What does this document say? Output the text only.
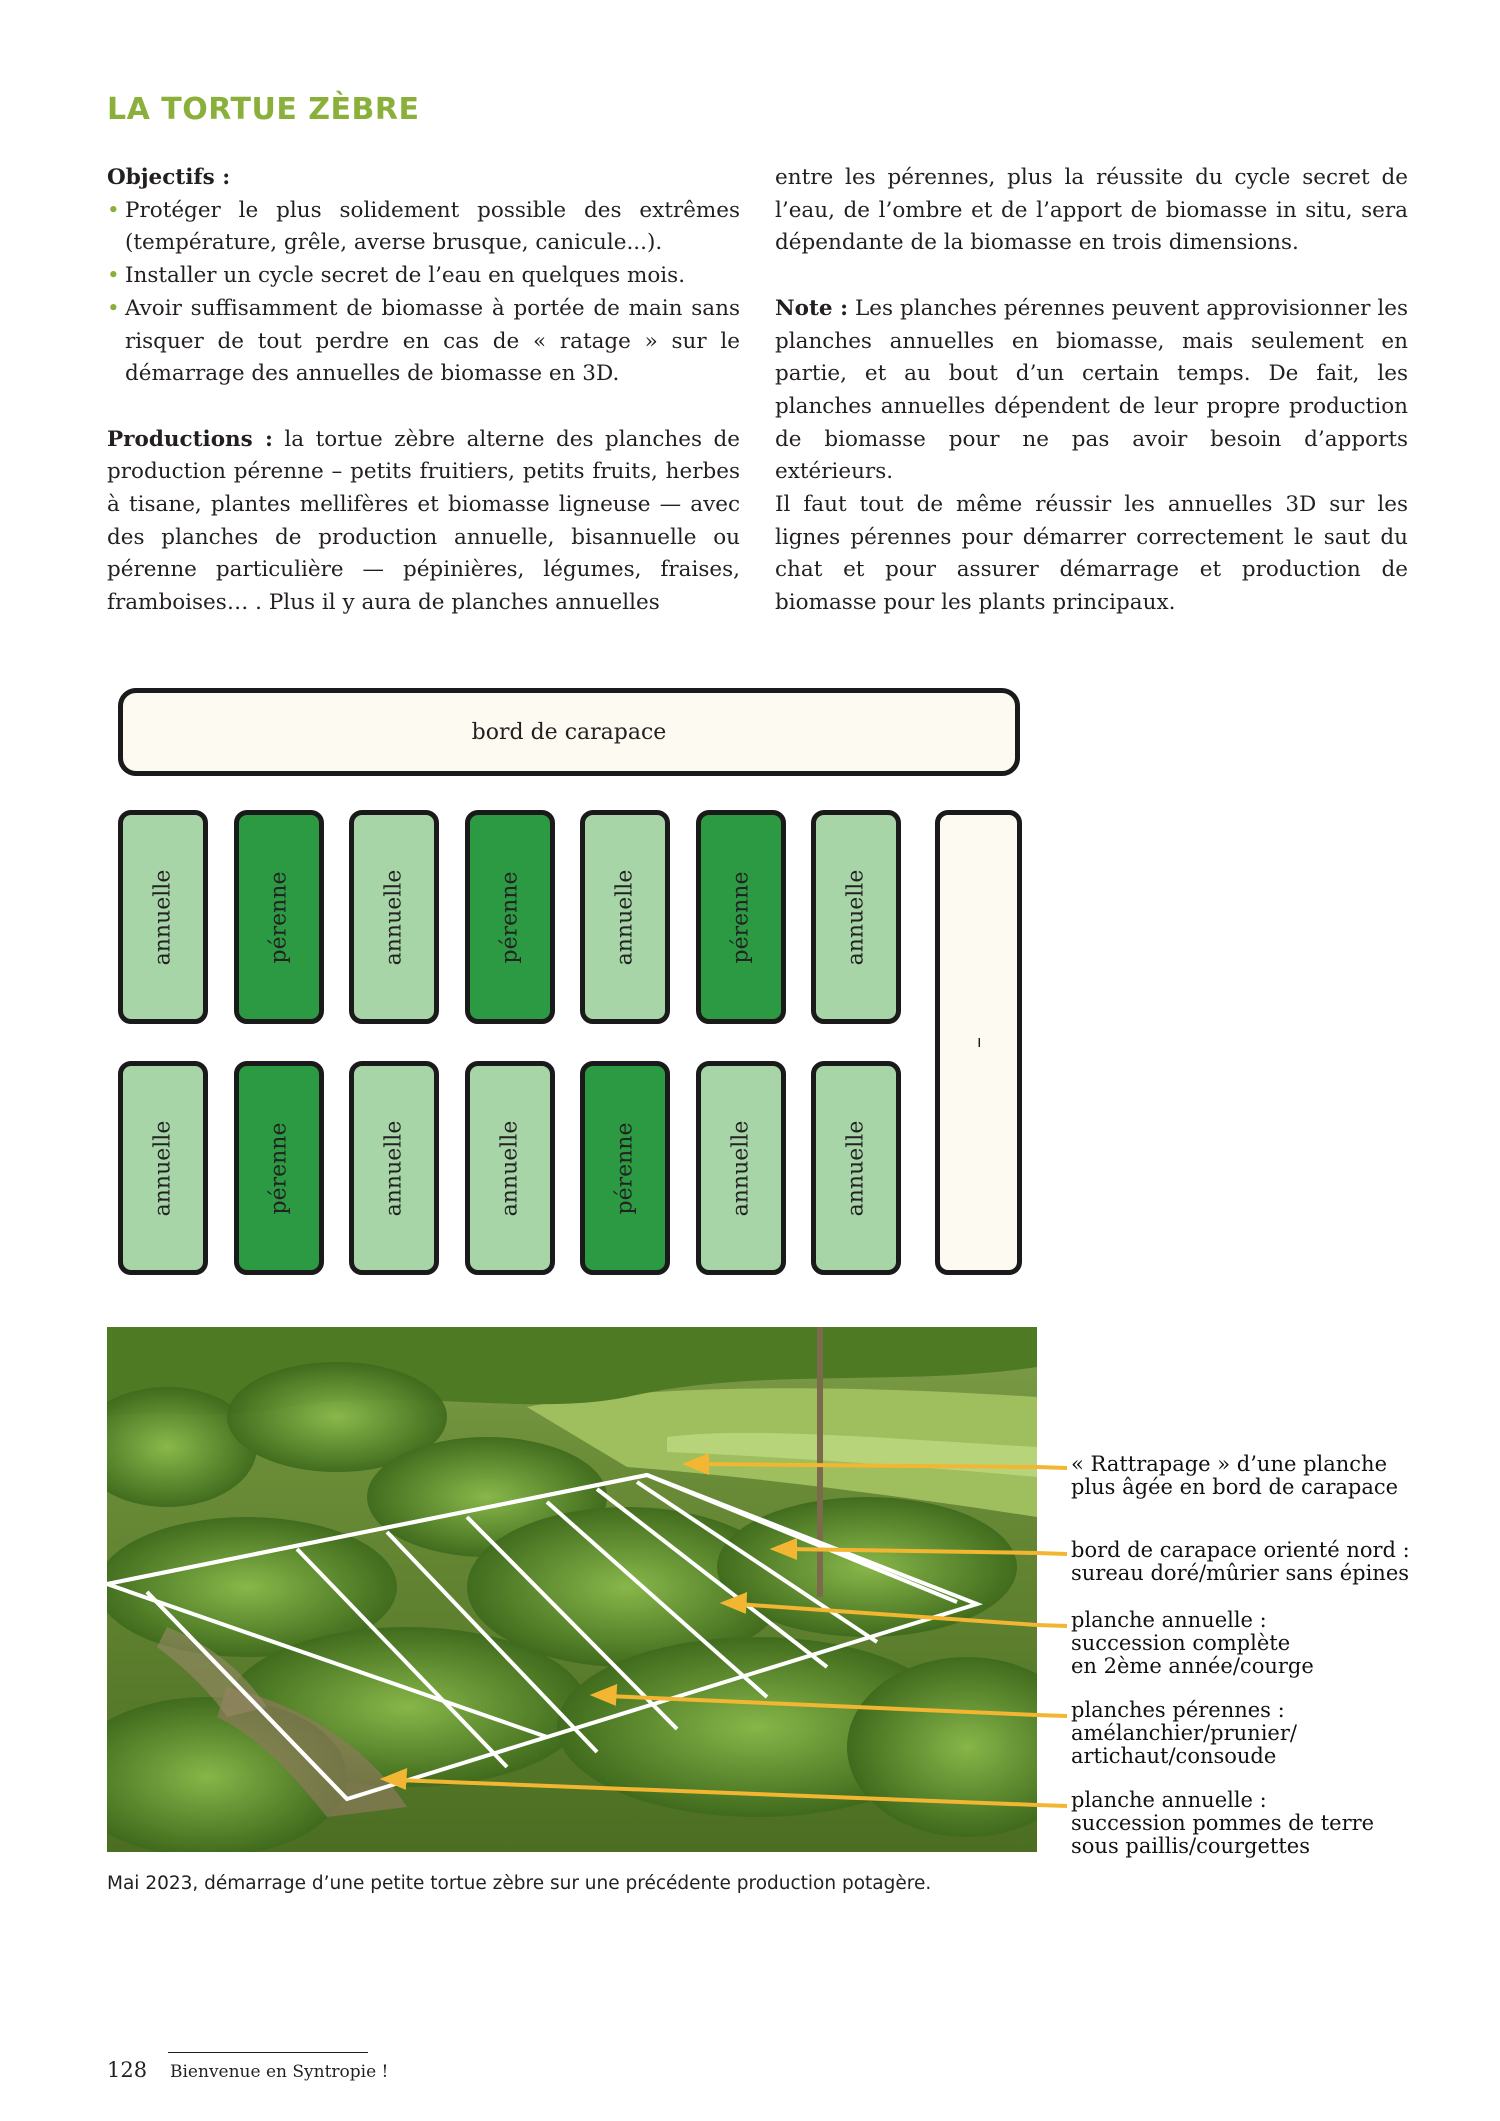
LA TORTUE ZÈBRE

Objectifs :

• Protéger le plus solidement possible des extrêmes (température, grêle, averse brusque, canicule...).
• Installer un cycle secret de l’eau en quelques mois.
• Avoir suffisamment de biomasse à portée de main sans risquer de tout perdre en cas de « ratage » sur le démarrage des annuelles de biomasse en 3D.

Productions : la tortue zèbre alterne des planches de production pérenne – petits fruitiers, petits fruits, herbes à tisane, plantes mellifères et biomasse ligneuse — avec des planches de production annuelle, bisannuelle ou pérenne particulière — pépinières, légumes, fraises, framboises… . Plus il y aura de planches annuelles

entre les pérennes, plus la réussite du cycle secret de l’eau, de l’ombre et de l’apport de biomasse in situ, sera dépendante de la biomasse en trois dimensions.

Note : Les planches pérennes peuvent approvisionner les planches annuelles en biomasse, mais seulement en partie, et au bout d’un certain temps. De fait, les planches annuelles dépendent de leur propre production de biomasse pour ne pas avoir besoin d’apports extérieurs.

Il faut tout de même réussir les annuelles 3D sur les lignes pérennes pour démarrer correctement le saut du chat et pour assurer démarrage et production de biomasse pour les plants principaux.

bord de carapace
annuelle	pérenne	annuelle	pérenne	annuelle	pérenne	annuelle
annuelle	pérenne	annuelle	annuelle	pérenne	annuelle	annuelle
–
« Rattrapage » d’une planche
plus âgée en bord de carapace
bord de carapace orienté nord :
sureau doré/mûrier sans épines
planche annuelle :
succession complète
en 2ème année/courge
planches pérennes :
amélanchier/prunier/
artichaut/consoude
planche annuelle :
succession pommes de terre
sous paillis/courgettes
Mai 2023, démarrage d’une petite tortue zèbre sur une précédente production potagère.
128 Bienvenue en Syntropie !
